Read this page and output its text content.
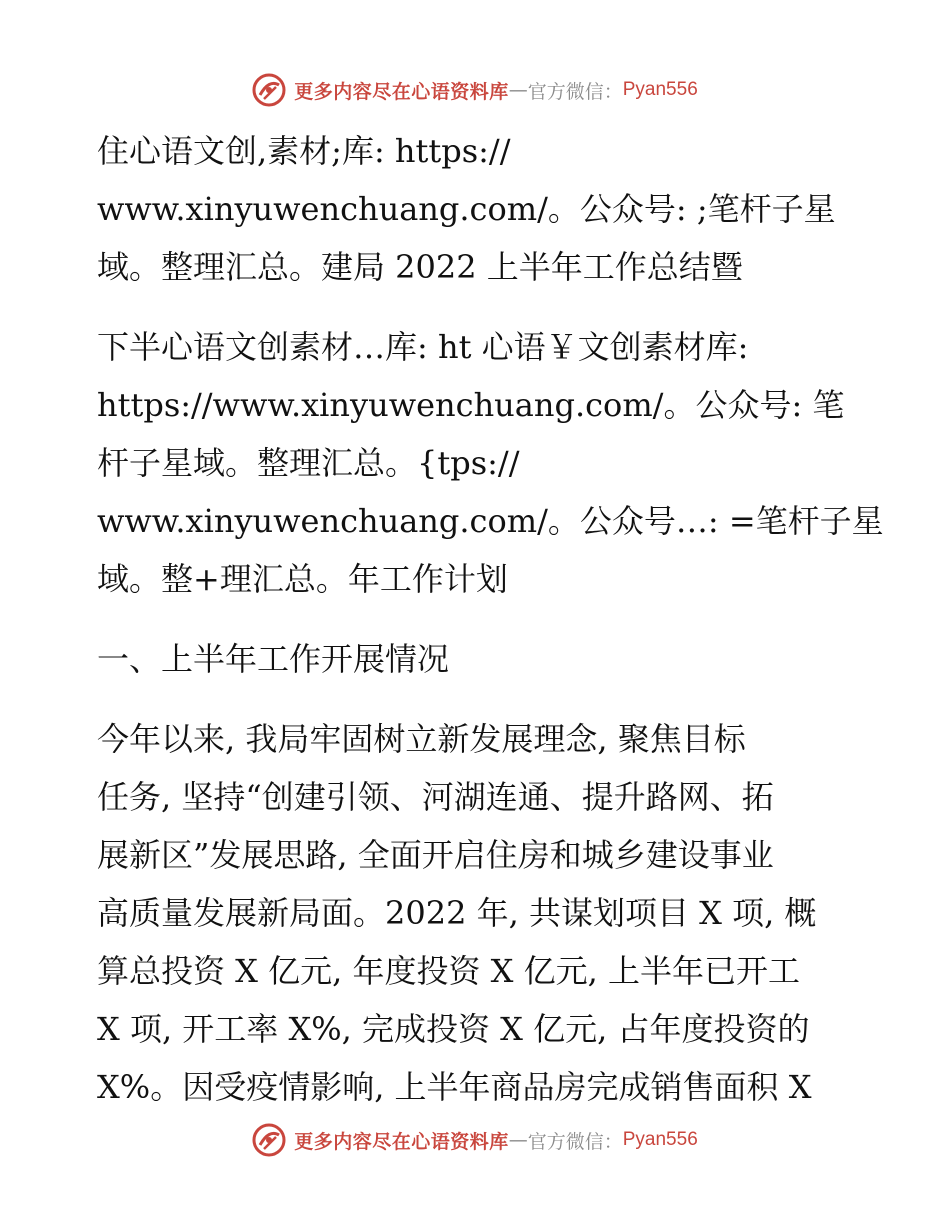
更多内容尽在心语资料库 — 官方微信： Pyan556
住心语文创,素材;库: https://
www.xinyuwenchuang.com/。公众号: ;笔杆子星
域。整理汇总。建局 2022 上半年工作总结暨
下半心语文创素材…库: ht 心语￥文创素材库:
https://www.xinyuwenchuang.com/。公众号: 笔
杆子星域。整理汇总。{tps://
www.xinyuwenchuang.com/。公众号…: =笔杆子星
域。整+理汇总。年工作计划
一、上半年工作开展情况
今年以来, 我局牢固树立新发展理念, 聚焦目标
任务, 坚持“创建引领、河湖连通、提升路网、拓
展新区”发展思路, 全面开启住房和城乡建设事业
高质量发展新局面。2022 年, 共谋划项目 X 项, 概
算总投资 X 亿元, 年度投资 X 亿元, 上半年已开工
X 项, 开工率 X%, 完成投资 X 亿元, 占年度投资的
X%。因受疫情影响, 上半年商品房完成销售面积 X
更多内容尽在心语资料库 — 官方微信： Pyan556
